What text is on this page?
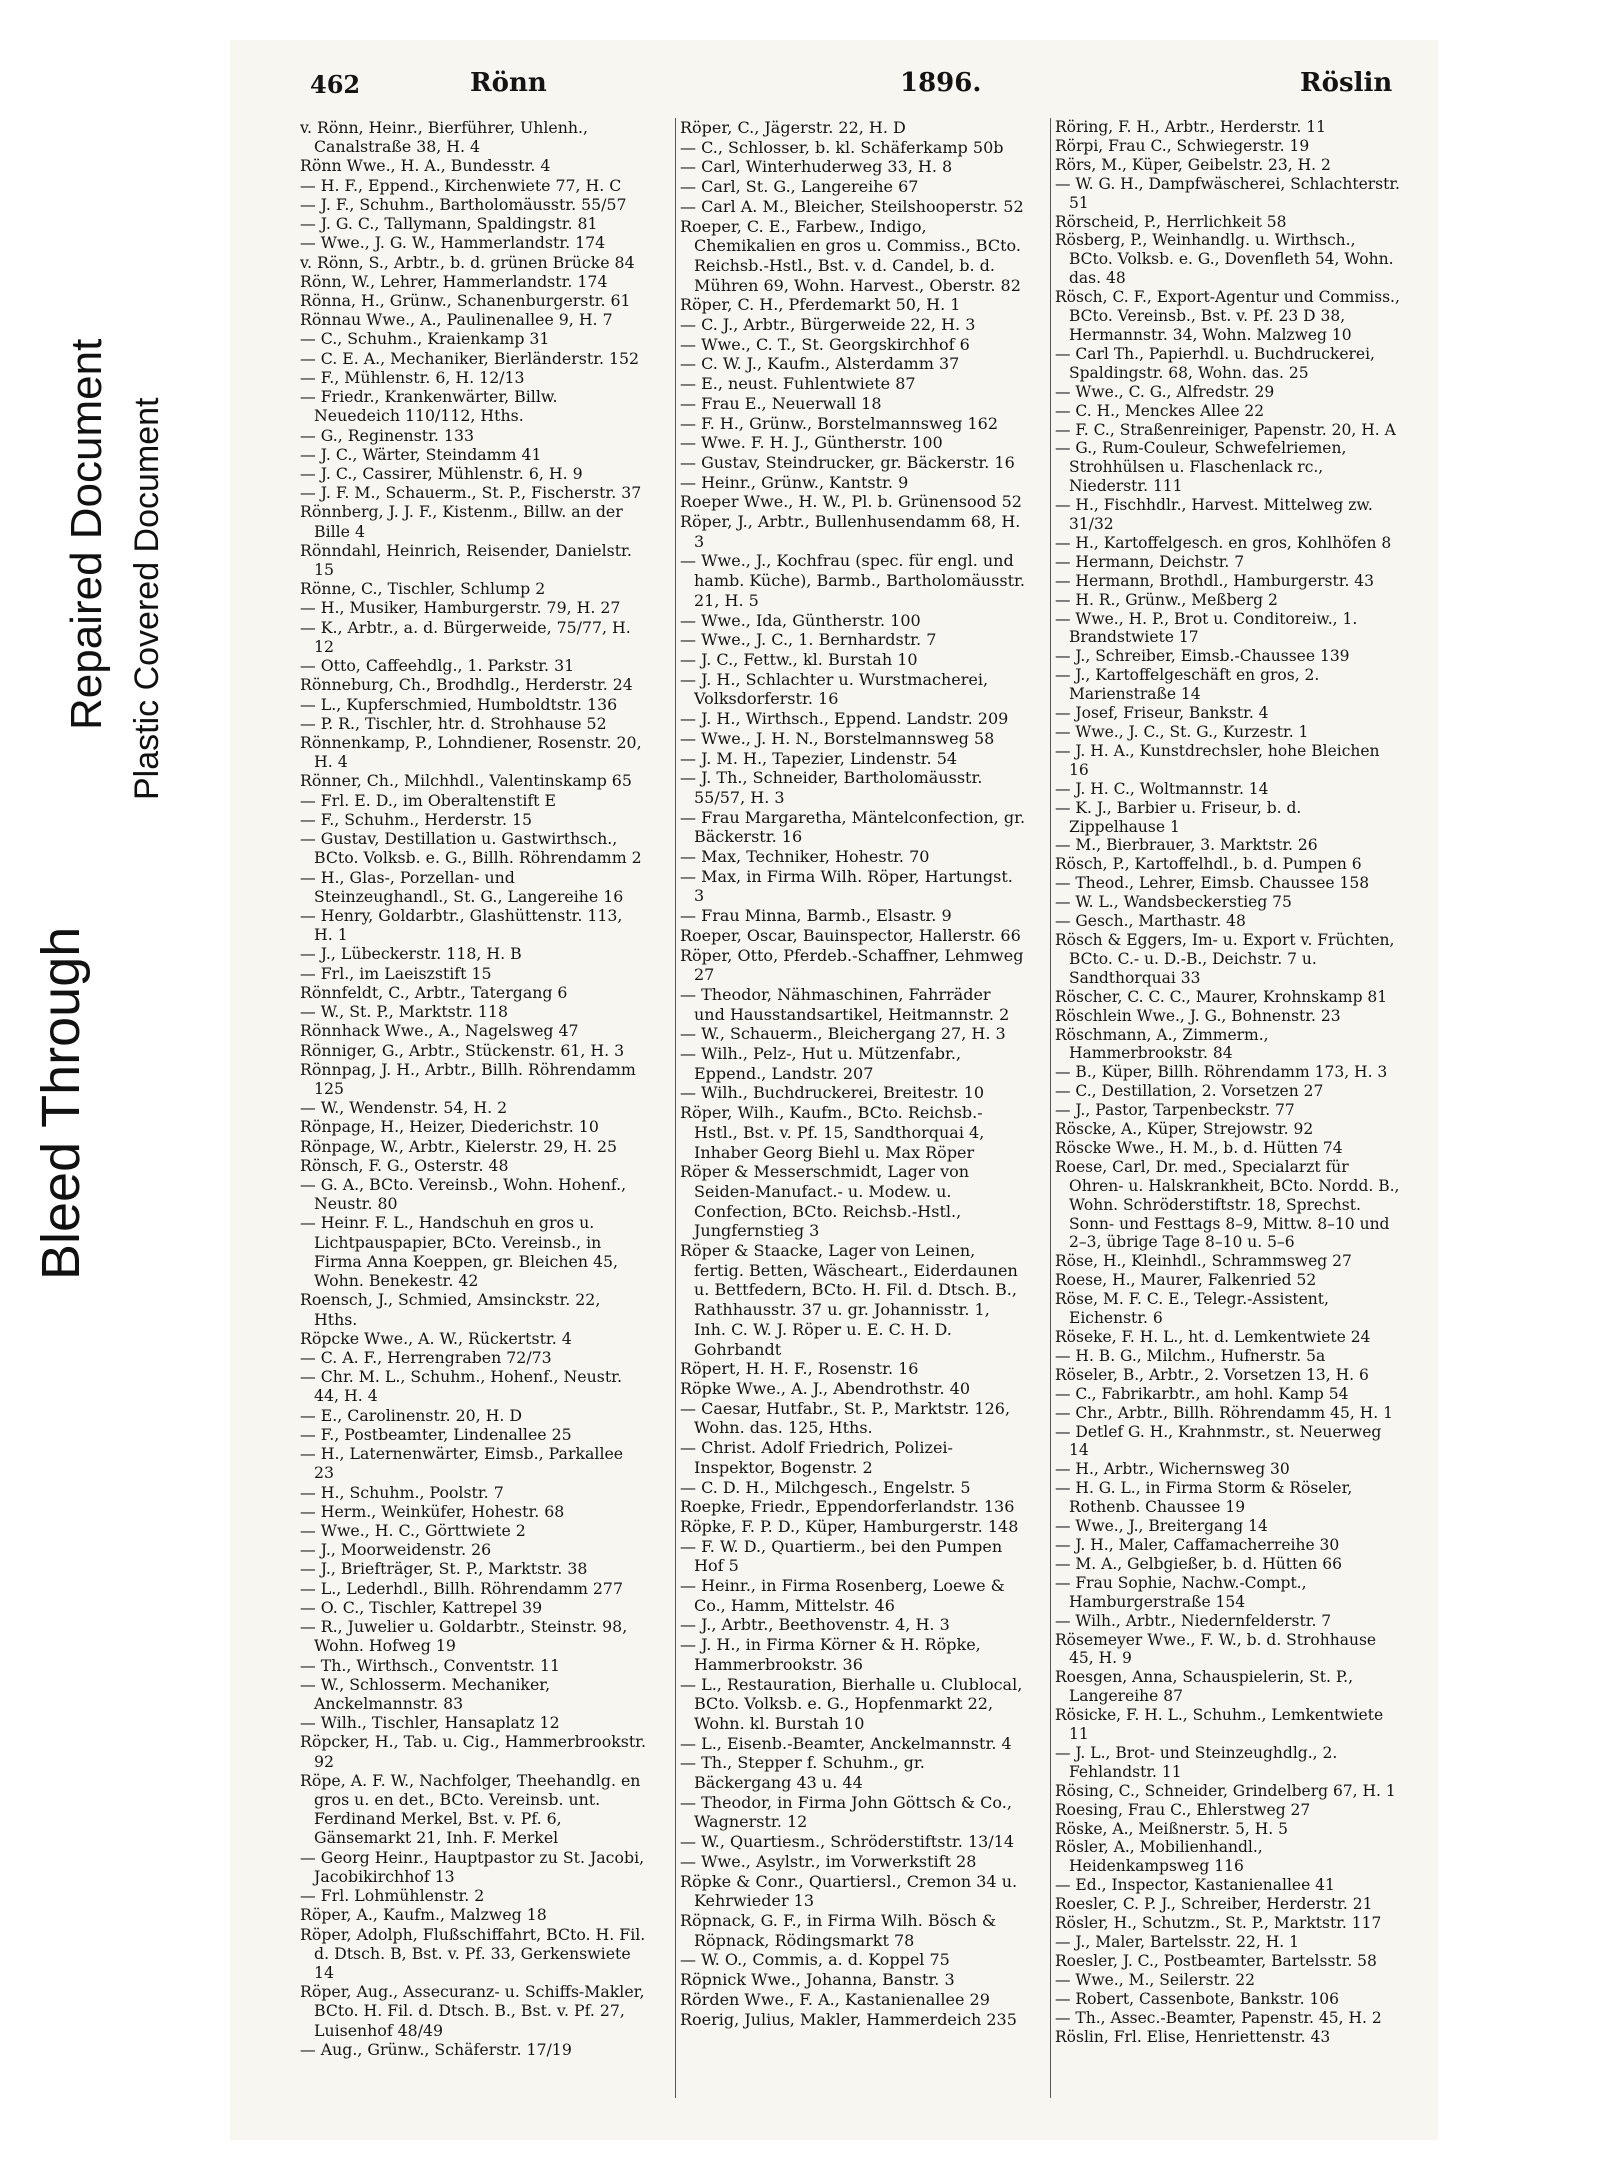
Bleed Through
Repaired Document Plastic Covered Document
462	Rönn	1896.	Röslin
v. Rönn, Heinr., Bierführer, Uhlenh., Canalstraße 38, H. 4
Rönn Wwe., H. A., Bundesstr. 4
— H. F., Eppend., Kirchenwiete 77, H. C
— J. F., Schuhm., Bartholomäusstr. 55/57
— J. G. C., Tallymann, Spaldingstr. 81
— Wwe., J. G. W., Hammerlandstr. 174
v. Rönn, S., Arbtr., b. d. grünen Brücke 84
Rönn, W., Lehrer, Hammerlandstr. 174
Rönna, H., Grünw., Schanenburgerstr. 61
Rönnau Wwe., A., Paulinenallee 9, H. 7
— C., Schuhm., Kraienkamp 31
— C. E. A., Mechaniker, Bierländerstr. 152
— F., Mühlenstr. 6, H. 12/13
— Friedr., Krankenwärter, Billw. Neuedeich 110/112, Hths.
— G., Reginenstr. 133
— J. C., Wärter, Steindamm 41
— J. C., Cassirer, Mühlenstr. 6, H. 9
— J. F. M., Schauerm., St. P., Fischerstr. 37
Rönnberg, J. J. F., Kistenm., Billw. an der Bille 4
Rönndahl, Heinrich, Reisender, Danielstr. 15
Rönne, C., Tischler, Schlump 2
— H., Musiker, Hamburgerstr. 79, H. 27
— K., Arbtr., a. d. Bürgerweide, 75/77, H. 12
— Otto, Caffeehdlg., 1. Parkstr. 31
Rönneburg, Ch., Brodhdlg., Herderstr. 24
— L., Kupferschmied, Humboldtstr. 136
— P. R., Tischler, htr. d. Strohhause 52
Rönnenkamp, P., Lohndiener, Rosenstr. 20, H. 4
Rönner, Ch., Milchhdl., Valentinskamp 65
— Frl. E. D., im Oberaltenstift E
— F., Schuhm., Herderstr. 15
— Gustav, Destillation u. Gastwirthsch., BCto. Volksb. e. G., Billh. Röhrendamm 2
— H., Glas-, Porzellan- und Steinzeughandl., St. G., Langereihe 16
— Henry, Goldarbtr., Glashüttenstr. 113, H. 1
— J., Lübeckerstr. 118, H. B
— Frl., im Laeiszstift 15
Rönnfeldt, C., Arbtr., Tatergang 6
— W., St. P., Marktstr. 118
Rönnhack Wwe., A., Nagelsweg 47
Rönniger, G., Arbtr., Stückenstr. 61, H. 3
Rönnpag, J. H., Arbtr., Billh. Röhrendamm 125
— W., Wendenstr. 54, H. 2
Rönpage, H., Heizer, Diederichstr. 10
Rönpage, W., Arbtr., Kielerstr. 29, H. 25
Rönsch, F. G., Osterstr. 48
— G. A., BCto. Vereinsb., Wohn. Hohenf., Neustr. 80
— Heinr. F. L., Handschuh en gros u. Lichtpauspapier, BCto. Vereinsb., in Firma Anna Koeppen, gr. Bleichen 45, Wohn. Benekestr. 42
Roensch, J., Schmied, Amsinckstr. 22, Hths.
Röpcke Wwe., A. W., Rückertstr. 4
— C. A. F., Herrengraben 72/73
— Chr. M. L., Schuhm., Hohenf., Neustr. 44, H. 4
— E., Carolinenstr. 20, H. D
— F., Postbeamter, Lindenallee 25
— H., Laternenwärter, Eimsb., Parkallee 23
— H., Schuhm., Poolstr. 7
— Herm., Weinküfer, Hohestr. 68
— Wwe., H. C., Görttwiete 2
— J., Moorweidenstr. 26
— J., Briefträger, St. P., Marktstr. 38
— L., Lederhdl., Billh. Röhrendamm 277
— O. C., Tischler, Kattrepel 39
— R., Juwelier u. Goldarbtr., Steinstr. 98, Wohn. Hofweg 19
— Th., Wirthsch., Conventstr. 11
— W., Schlosserm. Mechaniker, Anckelmannstr. 83
— Wilh., Tischler, Hansaplatz 12
Röpcker, H., Tab. u. Cig., Hammerbrookstr. 92
Röpe, A. F. W., Nachfolger, Theehandlg. en gros u. en det., BCto. Vereinsb. unt. Ferdinand Merkel, Bst. v. Pf. 6, Gänsemarkt 21, Inh. F. Merkel
— Georg Heinr., Hauptpastor zu St. Jacobi, Jacobikirchhof 13
— Frl. Lohmühlenstr. 2
Röper, A., Kaufm., Malzweg 18
Röper, Adolph, Flußschiffahrt, BCto. H. Fil. d. Dtsch. B, Bst. v. Pf. 33, Gerkenswiete 14
Röper, Aug., Assecuranz- u. Schiffs-Makler, BCto. H. Fil. d. Dtsch. B., Bst. v. Pf. 27, Luisenhof 48/49
— Aug., Grünw., Schäferstr. 17/19
Röper, C., Jägerstr. 22, H. D
— C., Schlosser, b. kl. Schäferkamp 50b
— Carl, Winterhuderweg 33, H. 8
— Carl, St. G., Langereihe 67
— Carl A. M., Bleicher, Steilshooperstr. 52
Roeper, C. E., Farbew., Indigo, Chemikalien en gros u. Commiss., BCto. Reichsb.-Hstl., Bst. v. d. Candel, b. d. Mühren 69, Wohn. Harvest., Oberstr. 82
Röper, C. H., Pferdemarkt 50, H. 1
— C. J., Arbtr., Bürgerweide 22, H. 3
— Wwe., C. T., St. Georgskirchhof 6
— C. W. J., Kaufm., Alsterdamm 37
— E., neust. Fuhlentwiete 87
— Frau E., Neuerwall 18
— F. H., Grünw., Borstelmannsweg 162
— Wwe. F. H. J., Güntherstr. 100
— Gustav, Steindrucker, gr. Bäckerstr. 16
— Heinr., Grünw., Kantstr. 9
Roeper Wwe., H. W., Pl. b. Grünensood 52
Röper, J., Arbtr., Bullenhusendamm 68, H. 3
— Wwe., J., Kochfrau (spec. für engl. und hamb. Küche), Barmb., Bartholomäusstr. 21, H. 5
— Wwe., Ida, Güntherstr. 100
— Wwe., J. C., 1. Bernhardstr. 7
— J. C., Fettw., kl. Burstah 10
— J. H., Schlachter u. Wurstmacherei, Volksdorferstr. 16
— J. H., Wirthsch., Eppend. Landstr. 209
— Wwe., J. H. N., Borstelmannsweg 58
— J. M. H., Tapezier, Lindenstr. 54
— J. Th., Schneider, Bartholomäusstr. 55/57, H. 3
— Frau Margaretha, Mäntelconfection, gr. Bäckerstr. 16
— Max, Techniker, Hohestr. 70
— Max, in Firma Wilh. Röper, Hartungst. 3
— Frau Minna, Barmb., Elsastr. 9
Roeper, Oscar, Bauinspector, Hallerstr. 66
Röper, Otto, Pferdeb.-Schaffner, Lehmweg 27
— Theodor, Nähmaschinen, Fahrräder und Hausstandsartikel, Heitmannstr. 2
— W., Schauerm., Bleichergang 27, H. 3
— Wilh., Pelz-, Hut u. Mützenfabr., Eppend., Landstr. 207
— Wilh., Buchdruckerei, Breitestr. 10
Röper, Wilh., Kaufm., BCto. Reichsb.-Hstl., Bst. v. Pf. 15, Sandthorquai 4, Inhaber Georg Biehl u. Max Röper
Röper & Messerschmidt, Lager von Seiden-Manufact.- u. Modew. u. Confection, BCto. Reichsb.-Hstl., Jungfernstieg 3
Röper & Staacke, Lager von Leinen, fertig. Betten, Wäscheart., Eiderdaunen u. Bettfedern, BCto. H. Fil. d. Dtsch. B., Rathhausstr. 37 u. gr. Johannisstr. 1, Inh. C. W. J. Röper u. E. C. H. D. Gohrbandt
Röpert, H. H. F., Rosenstr. 16
Röpke Wwe., A. J., Abendrothstr. 40
— Caesar, Hutfabr., St. P., Marktstr. 126, Wohn. das. 125, Hths.
— Christ. Adolf Friedrich, Polizei-Inspektor, Bogenstr. 2
— C. D. H., Milchgesch., Engelstr. 5
Roepke, Friedr., Eppendorferlandstr. 136
Röpke, F. P. D., Küper, Hamburgerstr. 148
— F. W. D., Quartierm., bei den Pumpen Hof 5
— Heinr., in Firma Rosenberg, Loewe & Co., Hamm, Mittelstr. 46
— J., Arbtr., Beethovenstr. 4, H. 3
— J. H., in Firma Körner & H. Röpke, Hammerbrookstr. 36
— L., Restauration, Bierhalle u. Clublocal, BCto. Volksb. e. G., Hopfenmarkt 22, Wohn. kl. Burstah 10
— L., Eisenb.-Beamter, Anckelmannstr. 4
— Th., Stepper f. Schuhm., gr. Bäckergang 43 u. 44
— Theodor, in Firma John Göttsch & Co., Wagnerstr. 12
— W., Quartiesm., Schröderstiftstr. 13/14
— Wwe., Asylstr., im Vorwerkstift 28
Röpke & Conr., Quartiersl., Cremon 34 u. Kehrwieder 13
Röpnack, G. F., in Firma Wilh. Bösch & Röpnack, Rödingsmarkt 78
— W. O., Commis, a. d. Koppel 75
Röpnick Wwe., Johanna, Banstr. 3
Rörden Wwe., F. A., Kastanienallee 29
Roerig, Julius, Makler, Hammerdeich 235
Röring, F. H., Arbtr., Herderstr. 11
Rörpi, Frau C., Schwiegerstr. 19
Rörs, M., Küper, Geibelstr. 23, H. 2
— W. G. H., Dampfwäscherei, Schlachterstr. 51
Rörscheid, P., Herrlichkeit 58
Rösberg, P., Weinhandlg. u. Wirthsch., BCto. Volksb. e. G., Dovenfleth 54, Wohn. das. 48
Rösch, C. F., Export-Agentur und Commiss., BCto. Vereinsb., Bst. v. Pf. 23 D 38, Hermannstr. 34, Wohn. Malzweg 10
— Carl Th., Papierhdl. u. Buchdruckerei, Spaldingstr. 68, Wohn. das. 25
— Wwe., C. G., Alfredstr. 29
— C. H., Menckes Allee 22
— F. C., Straßenreiniger, Papenstr. 20, H. A
— G., Rum-Couleur, Schwefelriemen, Strohhülsen u. Flaschenlack rc., Niederstr. 111
— H., Fischhdlr., Harvest. Mittelweg zw. 31/32
— H., Kartoffelgesch. en gros, Kohlhöfen 8
— Hermann, Deichstr. 7
— Hermann, Brothdl., Hamburgerstr. 43
— H. R., Grünw., Meßberg 2
— Wwe., H. P., Brot u. Conditoreiw., 1. Brandstwiete 17
— J., Schreiber, Eimsb.-Chaussee 139
— J., Kartoffelgeschäft en gros, 2. Marienstraße 14
— Josef, Friseur, Bankstr. 4
— Wwe., J. C., St. G., Kurzestr. 1
— J. H. A., Kunstdrechsler, hohe Bleichen 16
— J. H. C., Woltmannstr. 14
— K. J., Barbier u. Friseur, b. d. Zippelhause 1
— M., Bierbrauer, 3. Marktstr. 26
Rösch, P., Kartoffelhdl., b. d. Pumpen 6
— Theod., Lehrer, Eimsb. Chaussee 158
— W. L., Wandsbeckerstieg 75
— Gesch., Marthastr. 48
Rösch & Eggers, Im- u. Export v. Früchten, BCto. C.- u. D.-B., Deichstr. 7 u. Sandthorquai 33
Röscher, C. C. C., Maurer, Krohnskamp 81
Röschlein Wwe., J. G., Bohnenstr. 23
Röschmann, A., Zimmerm., Hammerbrookstr. 84
— B., Küper, Billh. Röhrendamm 173, H. 3
— C., Destillation, 2. Vorsetzen 27
— J., Pastor, Tarpenbeckstr. 77
Röscke, A., Küper, Strejowstr. 92
Röscke Wwe., H. M., b. d. Hütten 74
Roese, Carl, Dr. med., Specialarzt für Ohren- u. Halskrankheit, BCto. Nordd. B., Wohn. Schröderstiftstr. 18, Sprechst. Sonn- und Festtags 8–9, Mittw. 8–10 und 2–3, übrige Tage 8–10 u. 5–6
Röse, H., Kleinhdl., Schrammsweg 27
Roese, H., Maurer, Falkenried 52
Röse, M. F. C. E., Telegr.-Assistent, Eichenstr. 6
Röseke, F. H. L., ht. d. Lemkentwiete 24
— H. B. G., Milchm., Hufnerstr. 5a
Röseler, B., Arbtr., 2. Vorsetzen 13, H. 6
— C., Fabrikarbtr., am hohl. Kamp 54
— Chr., Arbtr., Billh. Röhrendamm 45, H. 1
— Detlef G. H., Krahnmstr., st. Neuerweg 14
— H., Arbtr., Wichernsweg 30
— H. G. L., in Firma Storm & Röseler, Rothenb. Chaussee 19
— Wwe., J., Breitergang 14
— J. H., Maler, Caffamacherreihe 30
— M. A., Gelbgießer, b. d. Hütten 66
— Frau Sophie, Nachw.-Compt., Hamburgerstraße 154
— Wilh., Arbtr., Niedernfelderstr. 7
Rösemeyer Wwe., F. W., b. d. Strohhause 45, H. 9
Roesgen, Anna, Schauspielerin, St. P., Langereihe 87
Rösicke, F. H. L., Schuhm., Lemkentwiete 11
— J. L., Brot- und Steinzeughdlg., 2. Fehlandstr. 11
Rösing, C., Schneider, Grindelberg 67, H. 1
Roesing, Frau C., Ehlerstweg 27
Röske, A., Meißnerstr. 5, H. 5
Rösler, A., Mobilienhandl., Heidenkampsweg 116
— Ed., Inspector, Kastanienallee 41
Roesler, C. P. J., Schreiber, Herderstr. 21
Rösler, H., Schutzm., St. P., Marktstr. 117
— J., Maler, Bartelsstr. 22, H. 1
Roesler, J. C., Postbeamter, Bartelsstr. 58
— Wwe., M., Seilerstr. 22
— Robert, Cassenbote, Bankstr. 106
— Th., Assec.-Beamter, Papenstr. 45, H. 2
Röslin, Frl. Elise, Henriettenstr. 43
